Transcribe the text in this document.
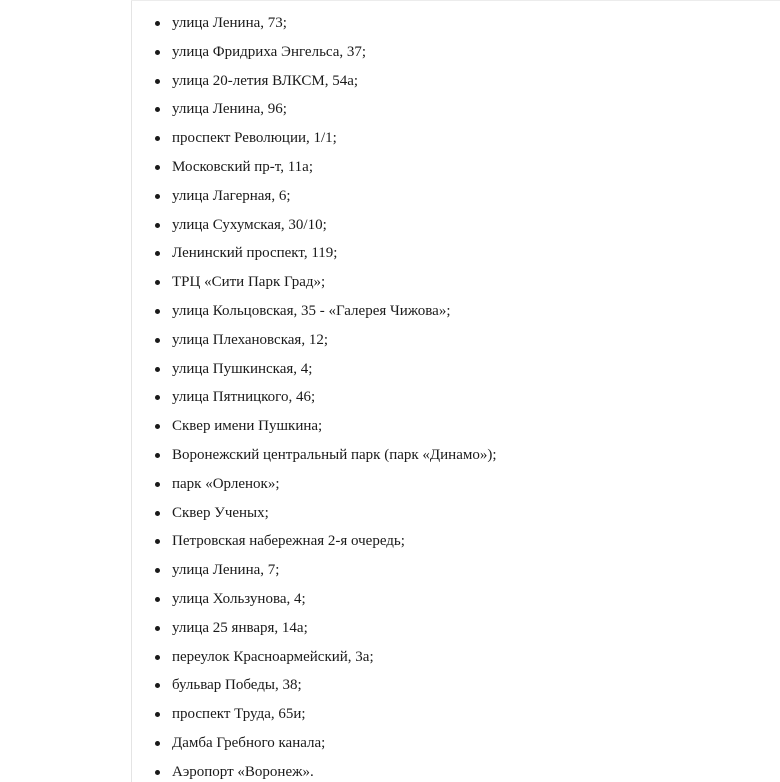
улица Ленина, 73;
улица Фридриха Энгельса, 37;
улица 20-летия ВЛКСМ, 54а;
улица Ленина, 96;
проспект Революции, 1/1;
Московский пр-т, 11а;
улица Лагерная, 6;
улица Сухумская, 30/10;
Ленинский проспект, 119;
ТРЦ «Сити Парк Град»;
улица Кольцовская, 35 - «Галерея Чижова»;
улица Плехановская, 12;
улица Пушкинская, 4;
улица Пятницкого, 46;
Сквер имени Пушкина;
Воронежский центральный парк (парк «Динамо»);
парк «Орленок»;
Сквер Ученых;
Петровская набережная 2-я очередь;
улица Ленина, 7;
улица Хользунова, 4;
улица 25 января, 14а;
переулок Красноармейский, 3а;
бульвар Победы, 38;
проспект Труда, 65и;
Дамба Гребного канала;
Аэропорт «Воронеж».
